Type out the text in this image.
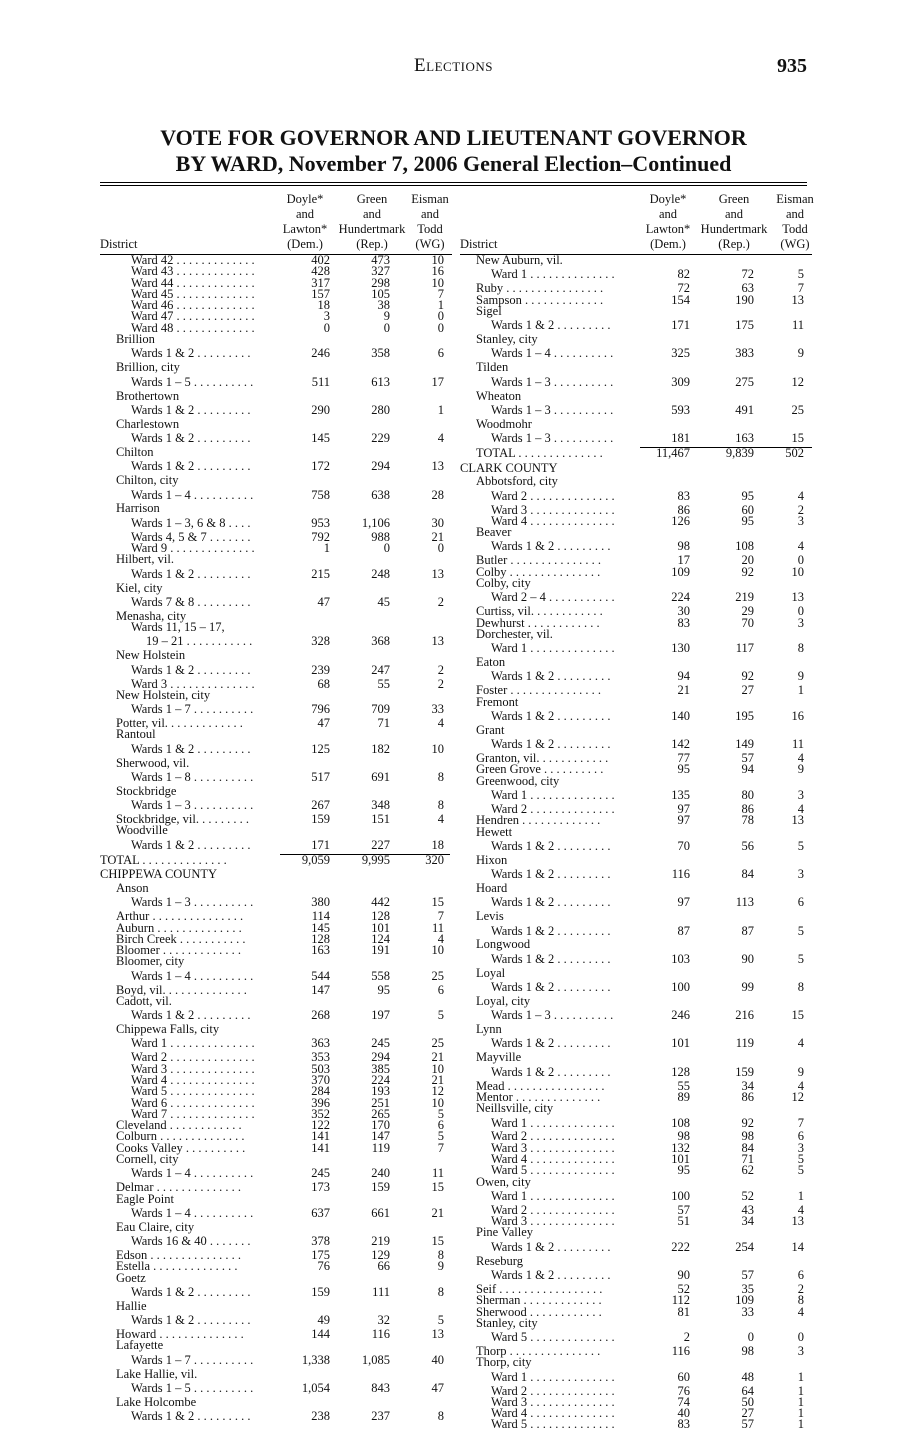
Elections	935
VOTE FOR GOVERNOR AND LIEUTENANT GOVERNOR
BY WARD, November 7, 2006 General Election–Continued
District
Doyle*
and
Lawton*
(Dem.)
Green
and
Hundertmark
(Rep.)
Eisman
and
Todd
(WG)
Ward 42 . . . . . . . . . . . . .	402	473	10
Ward 43 . . . . . . . . . . . . .	428	327	16
Ward 44 . . . . . . . . . . . . .	317	298	10
Ward 45 . . . . . . . . . . . . .	157	105	7
Ward 46 . . . . . . . . . . . . .	18	38	1
Ward 47 . . . . . . . . . . . . .	3	9	0
Ward 48 . . . . . . . . . . . . .	0	0	0
Brillion
Wards 1 & 2 . . . . . . . . .	246	358	6
Brillion, city
Wards 1 – 5 . . . . . . . . . .	511	613	17
Brothertown
Wards 1 & 2 . . . . . . . . .	290	280	1
Charlestown
Wards 1 & 2 . . . . . . . . .	145	229	4
Chilton
Wards 1 & 2 . . . . . . . . .	172	294	13
Chilton, city
Wards 1 – 4 . . . . . . . . . .	758	638	28
Harrison
Wards 1 – 3, 6 & 8 . . . .	953	1,106	30
Wards 4, 5 & 7 . . . . . . .	792	988	21
Ward 9 . . . . . . . . . . . . . .	1	0	0
Hilbert, vil.
Wards 1 & 2 . . . . . . . . .	215	248	13
Kiel, city
Wards 7 & 8 . . . . . . . . .	47	45	2
Menasha, city
Wards 11, 15 – 17,
19 – 21 . . . . . . . . . . .	328	368	13
New Holstein
Wards 1 & 2 . . . . . . . . .	239	247	2
Ward 3 . . . . . . . . . . . . . .	68	55	2
New Holstein, city
Wards 1 – 7 . . . . . . . . . .	796	709	33
Potter, vil. . . . . . . . . . . . .	47	71	4
Rantoul
Wards 1 & 2 . . . . . . . . .	125	182	10
Sherwood, vil.
Wards 1 – 8 . . . . . . . . . .	517	691	8
Stockbridge
Wards 1 – 3 . . . . . . . . . .	267	348	8
Stockbridge, vil. . . . . . . . .	159	151	4
Woodville
Wards 1 & 2 . . . . . . . . .	171	227	18
TOTAL . . . . . . . . . . . . . .	9,059	9,995	320
CHIPPEWA COUNTY
Anson
Wards 1 – 3 . . . . . . . . . .	380	442	15
Arthur . . . . . . . . . . . . . . .	114	128	7
Auburn . . . . . . . . . . . . . .	145	101	11
Birch Creek . . . . . . . . . . .	128	124	4
Bloomer . . . . . . . . . . . . .	163	191	10
Bloomer, city
Wards 1 – 4 . . . . . . . . . .	544	558	25
Boyd, vil. . . . . . . . . . . . . .	147	95	6
Cadott, vil.
Wards 1 & 2 . . . . . . . . .	268	197	5
Chippewa Falls, city
Ward 1 . . . . . . . . . . . . . .	363	245	25
Ward 2 . . . . . . . . . . . . . .	353	294	21
Ward 3 . . . . . . . . . . . . . .	503	385	10
Ward 4 . . . . . . . . . . . . . .	370	224	21
Ward 5 . . . . . . . . . . . . . .	284	193	12
Ward 6 . . . . . . . . . . . . . .	396	251	10
Ward 7 . . . . . . . . . . . . . .	352	265	5
Cleveland . . . . . . . . . . . .	122	170	6
Colburn . . . . . . . . . . . . . .	141	147	5
Cooks Valley . . . . . . . . . .	141	119	7
Cornell, city
Wards 1 – 4 . . . . . . . . . .	245	240	11
Delmar . . . . . . . . . . . . . .	173	159	15
Eagle Point
Wards 1 – 4 . . . . . . . . . .	637	661	21
Eau Claire, city
Wards 16 & 40 . . . . . . .	378	219	15
Edson . . . . . . . . . . . . . . .	175	129	8
Estella . . . . . . . . . . . . . .	76	66	9
Goetz
Wards 1 & 2 . . . . . . . . .	159	111	8
Hallie
Wards 1 & 2 . . . . . . . . .	49	32	5
Howard . . . . . . . . . . . . . .	144	116	13
Lafayette
Wards 1 – 7 . . . . . . . . . .	1,338	1,085	40
Lake Hallie, vil.
Wards 1 – 5 . . . . . . . . . .	1,054	843	47
Lake Holcombe
Wards 1 & 2 . . . . . . . . .	238	237	8
District
Doyle*
and
Lawton*
(Dem.)
Green
and
Hundertmark
(Rep.)
Eisman
and
Todd
(WG)
New Auburn, vil.
Ward 1 . . . . . . . . . . . . . .	82	72	5
Ruby . . . . . . . . . . . . . . . .	72	63	7
Sampson . . . . . . . . . . . . .	154	190	13
Sigel
Wards 1 & 2 . . . . . . . . .	171	175	11
Stanley, city
Wards 1 – 4 . . . . . . . . . .	325	383	9
Tilden
Wards 1 – 3 . . . . . . . . . .	309	275	12
Wheaton
Wards 1 – 3 . . . . . . . . . .	593	491	25
Woodmohr
Wards 1 – 3 . . . . . . . . . .	181	163	15
TOTAL . . . . . . . . . . . . . .	11,467	9,839	502
CLARK COUNTY
Abbotsford, city
Ward 2 . . . . . . . . . . . . . .	83	95	4
Ward 3 . . . . . . . . . . . . . .	86	60	2
Ward 4 . . . . . . . . . . . . . .	126	95	3
Beaver
Wards 1 & 2 . . . . . . . . .	98	108	4
Butler . . . . . . . . . . . . . . .	17	20	0
Colby . . . . . . . . . . . . . . .	109	92	10
Colby, city
Ward 2 – 4 . . . . . . . . . . .	224	219	13
Curtiss, vil. . . . . . . . . . . .	30	29	0
Dewhurst . . . . . . . . . . . .	83	70	3
Dorchester, vil.
Ward 1 . . . . . . . . . . . . . .	130	117	8
Eaton
Wards 1 & 2 . . . . . . . . .	94	92	9
Foster . . . . . . . . . . . . . . .	21	27	1
Fremont
Wards 1 & 2 . . . . . . . . .	140	195	16
Grant
Wards 1 & 2 . . . . . . . . .	142	149	11
Granton, vil. . . . . . . . . . . .	77	57	4
Green Grove . . . . . . . . . .	95	94	9
Greenwood, city
Ward 1 . . . . . . . . . . . . . .	135	80	3
Ward 2 . . . . . . . . . . . . . .	97	86	4
Hendren . . . . . . . . . . . . .	97	78	13
Hewett
Wards 1 & 2 . . . . . . . . .	70	56	5
Hixon
Wards 1 & 2 . . . . . . . . .	116	84	3
Hoard
Wards 1 & 2 . . . . . . . . .	97	113	6
Levis
Wards 1 & 2 . . . . . . . . .	87	87	5
Longwood
Wards 1 & 2 . . . . . . . . .	103	90	5
Loyal
Wards 1 & 2 . . . . . . . . .	100	99	8
Loyal, city
Wards 1 – 3 . . . . . . . . . .	246	216	15
Lynn
Wards 1 & 2 . . . . . . . . .	101	119	4
Mayville
Wards 1 & 2 . . . . . . . . .	128	159	9
Mead . . . . . . . . . . . . . . . .	55	34	4
Mentor . . . . . . . . . . . . . .	89	86	12
Neillsville, city
Ward 1 . . . . . . . . . . . . . .	108	92	7
Ward 2 . . . . . . . . . . . . . .	98	98	6
Ward 3 . . . . . . . . . . . . . .	132	84	3
Ward 4 . . . . . . . . . . . . . .	101	71	5
Ward 5 . . . . . . . . . . . . . .	95	62	5
Owen, city
Ward 1 . . . . . . . . . . . . . .	100	52	1
Ward 2 . . . . . . . . . . . . . .	57	43	4
Ward 3 . . . . . . . . . . . . . .	51	34	13
Pine Valley
Wards 1 & 2 . . . . . . . . .	222	254	14
Reseburg
Wards 1 & 2 . . . . . . . . .	90	57	6
Seif . . . . . . . . . . . . . . . . .	52	35	2
Sherman . . . . . . . . . . . . .	112	109	8
Sherwood . . . . . . . . . . . .	81	33	4
Stanley, city
Ward 5 . . . . . . . . . . . . . .	2	0	0
Thorp . . . . . . . . . . . . . . .	116	98	3
Thorp, city
Ward 1 . . . . . . . . . . . . . .	60	48	1
Ward 2 . . . . . . . . . . . . . .	76	64	1
Ward 3 . . . . . . . . . . . . . .	74	50	1
Ward 4 . . . . . . . . . . . . . .	40	27	1
Ward 5 . . . . . . . . . . . . . .	83	57	1
